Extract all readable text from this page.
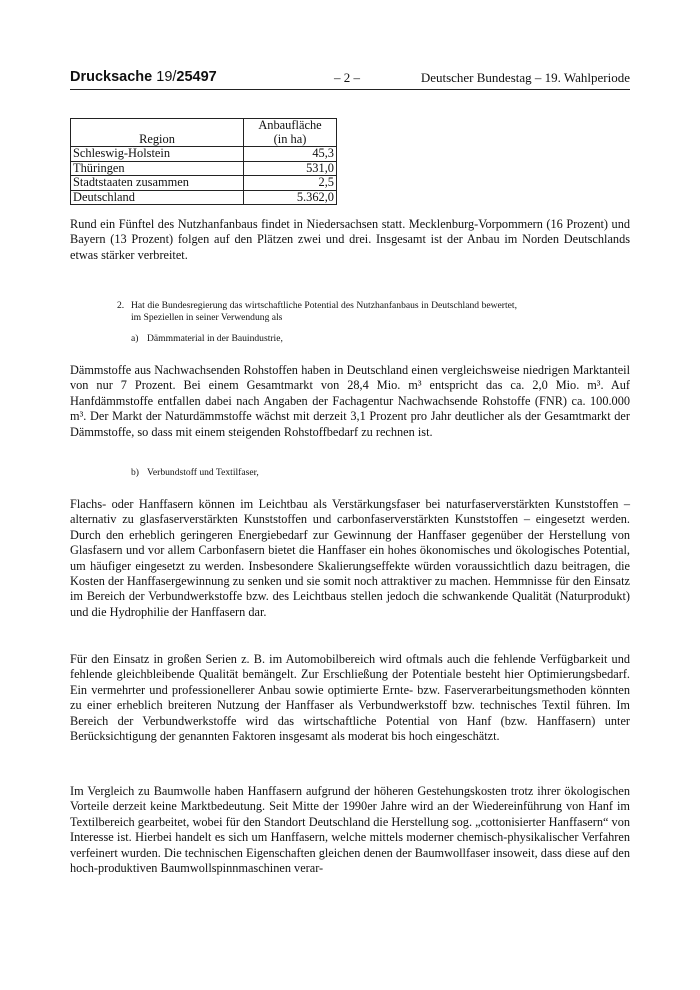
Drucksache 19/25497	– 2 –	Deutscher Bundestag – 19. Wahlperiode
Region	Anbaufläche
(in ha)
Schleswig-Holstein	45,3
Thüringen	531,0
Stadtstaaten zusammen	2,5
Deutschland	5.362,0

Rund ein Fünftel des Nutzhanfanbaus findet in Niedersachsen statt. Mecklenburg-Vorpommern (16 Prozent) und Bayern (13 Prozent) folgen auf den Plätzen zwei und drei. Insgesamt ist der Anbau im Norden Deutschlands etwas stärker verbreitet.

2. Hat die Bundesregierung das wirtschaftliche Potential des Nutzhanfanbaus in Deutschland bewertet, im Speziellen in seiner Verwendung als
a) Dämmmaterial in der Bauindustrie,

Dämmstoffe aus Nachwachsenden Rohstoffen haben in Deutschland einen vergleichsweise niedrigen Marktanteil von nur 7 Prozent. Bei einem Gesamtmarkt von 28,4 Mio. m³ entspricht das ca. 2,0 Mio. m³. Auf Hanfdämmstoffe entfallen dabei nach Angaben der Fachagentur Nachwachsende Rohstoffe (FNR) ca. 100.000 m³. Der Markt der Naturdämmstoffe wächst mit derzeit 3,1 Prozent pro Jahr deutlicher als der Gesamtmarkt der Dämmstoffe, so dass mit einem steigenden Rohstoffbedarf zu rechnen ist.

b) Verbundstoff und Textilfaser,

Flachs- oder Hanffasern können im Leichtbau als Verstärkungsfaser bei naturfaserverstärkten Kunststoffen – alternativ zu glasfaserverstärkten Kunststoffen und carbonfaserverstärkten Kunststoffen – eingesetzt werden. Durch den erheblich geringeren Energiebedarf zur Gewinnung der Hanffaser gegenüber der Herstellung von Glasfasern und vor allem Carbonfasern bietet die Hanffaser ein hohes ökonomisches und ökologisches Potential, um häufiger eingesetzt zu werden. Insbesondere Skalierungseffekte würden voraussichtlich dazu beitragen, die Kosten der Hanffasergewinnung zu senken und sie somit noch attraktiver zu machen. Hemmnisse für den Einsatz im Bereich der Verbundwerkstoffe bzw. des Leichtbaus stellen jedoch die schwankende Qualität (Naturprodukt) und die Hydrophilie der Hanffasern dar.

Für den Einsatz in großen Serien z. B. im Automobilbereich wird oftmals auch die fehlende Verfügbarkeit und fehlende gleichbleibende Qualität bemängelt. Zur Erschließung der Potentiale besteht hier Optimierungsbedarf. Ein vermehrter und professionellerer Anbau sowie optimierte Ernte- bzw. Faserverarbeitungsmethoden könnten zu einer erheblich breiteren Nutzung der Hanffaser als Verbundwerkstoff bzw. technisches Textil führen. Im Bereich der Verbundwerkstoffe wird das wirtschaftliche Potential von Hanf (bzw. Hanffasern) unter Berücksichtigung der genannten Faktoren insgesamt als moderat bis hoch eingeschätzt.

Im Vergleich zu Baumwolle haben Hanffasern aufgrund der höheren Gestehungskosten trotz ihrer ökologischen Vorteile derzeit keine Marktbedeutung. Seit Mitte der 1990er Jahre wird an der Wiedereinführung von Hanf im Textilbereich gearbeitet, wobei für den Standort Deutschland die Herstellung sog. „cottonisierter Hanffasern“ von Interesse ist. Hierbei handelt es sich um Hanffasern, welche mittels moderner chemisch-physikalischer Verfahren verfeinert wurden. Die technischen Eigenschaften gleichen denen der Baumwollfaser insoweit, dass diese auf den hoch-produktiven Baumwollspinnmaschinen verar-
